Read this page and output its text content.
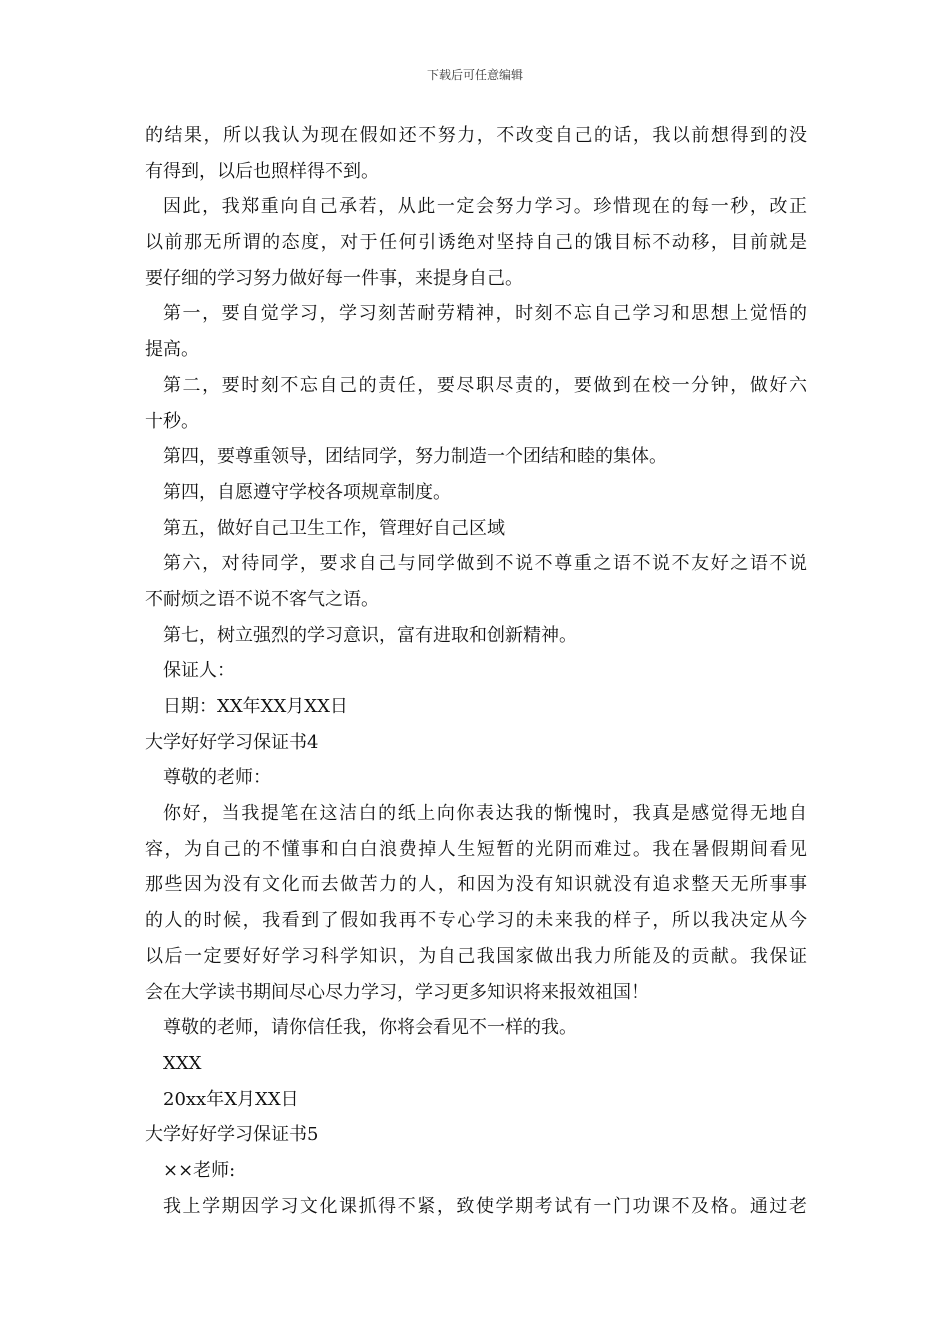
下载后可任意编辑
的结果，所以我认为现在假如还不努力，不改变自己的话，我以前想得到的没
有得到，以后也照样得不到。
因此，我郑重向自己承若，从此一定会努力学习。珍惜现在的每一秒，改正
以前那无所谓的态度，对于任何引诱绝对坚持自己的饿目标不动移，目前就是
要仔细的学习努力做好每一件事，来提身自己。
第一，要自觉学习，学习刻苦耐劳精神，时刻不忘自己学习和思想上觉悟的
提高。
第二，要时刻不忘自己的责任，要尽职尽责的，要做到在校一分钟，做好六
十秒。
第四，要尊重领导，团结同学，努力制造一个团结和睦的集体。
第四，自愿遵守学校各项规章制度。
第五，做好自己卫生工作，管理好自己区域
第六，对待同学，要求自己与同学做到不说不尊重之语不说不友好之语不说
不耐烦之语不说不客气之语。
第七，树立强烈的学习意识，富有进取和创新精神。
保证人：
日期：XX年XX月XX日
大学好好学习保证书4
尊敬的老师：
你好，当我提笔在这洁白的纸上向你表达我的惭愧时，我真是感觉得无地自
容，为自己的不懂事和白白浪费掉人生短暂的光阴而难过。我在暑假期间看见
那些因为没有文化而去做苦力的人，和因为没有知识就没有追求整天无所事事
的人的时候，我看到了假如我再不专心学习的未来我的样子，所以我决定从今
以后一定要好好学习科学知识，为自己我国家做出我力所能及的贡献。我保证
会在大学读书期间尽心尽力学习，学习更多知识将来报效祖国！
尊敬的老师，请你信任我，你将会看见不一样的我。
XXX
20xx年X月XX日
大学好好学习保证书5
××老师:
我上学期因学习文化课抓得不紧，致使学期考试有一门功课不及格。通过老
